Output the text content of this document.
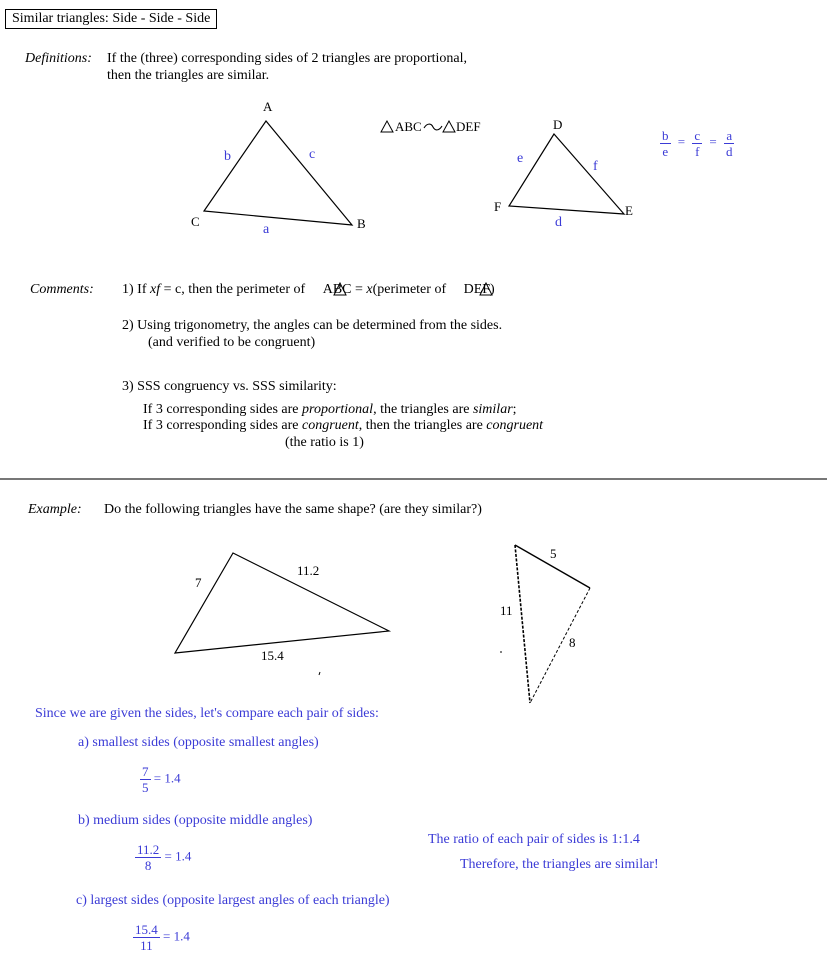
Similar triangles: Side - Side - Side
Definitions: If the (three) corresponding sides of 2 triangles are proportional,
then the triangles are similar.
A
C	B
b	c
a
ABC	DEF	D
F	E
e
f
d
$\frac{b}{e} = \frac{c}{f} = \frac{a}{d}$
Comments: 1) If xf = c, then the perimeter of ABC = x(perimeter of DEF)
2) Using trigonometry, the angles can be determined from the sides.
(and verified to be congruent)
3) SSS congruency vs. SSS similarity:
If 3 corresponding sides are proportional, the triangles are similar;
If 3 corresponding sides are congruent, then the triangles are congruent
(the ratio is 1)
Example: Do the following triangles have the same shape? (are they similar?)
7
11.2
15.4
5
11
8
Since we are given the sides, let's compare each pair of sides:
a) smallest sides (opposite smallest angles)
$\frac{7}{5} = 1.4$
b) medium sides (opposite middle angles)
$\frac{11.2}{8} = 1.4$
c) largest sides (opposite largest angles of each triangle)
$\frac{15.4}{11} = 1.4$
The ratio of each pair of sides is 1:1.4
Therefore, the triangles are similar!
